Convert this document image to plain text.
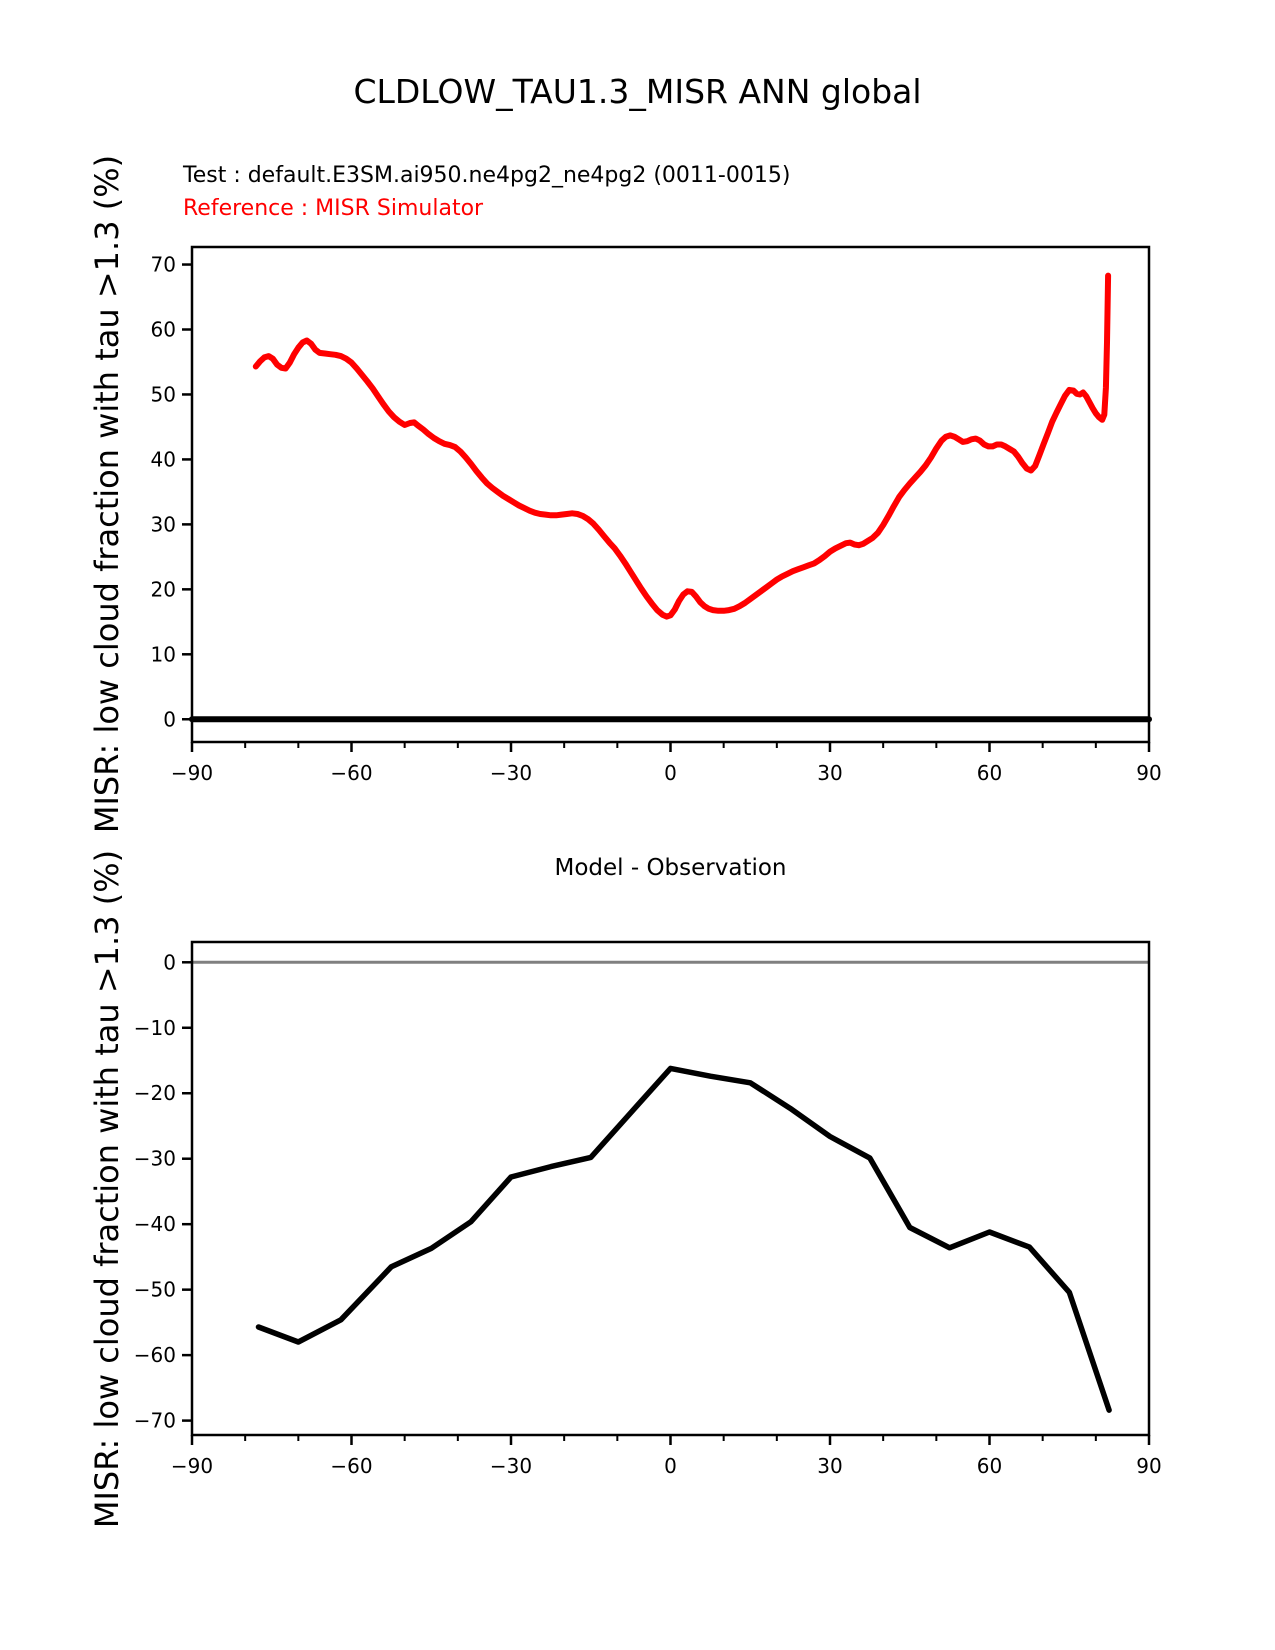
−90	−60	−30	0	30	60	90
0
10
20
30
40
50
60
70
−90	−60	−30	0	30	60	90
0
−10
−20
−30
−40
−50
−60
−70
CLDLOW_TAU1.3_MISR ANN global
Test : default.E3SM.ai950.ne4pg2_ne4pg2 (0011-0015)
Reference : MISR Simulator
MISR: low cloud fraction with tau >1.3 (%)
MISR: low cloud fraction with tau >1.3 (%)	Model - Observation
